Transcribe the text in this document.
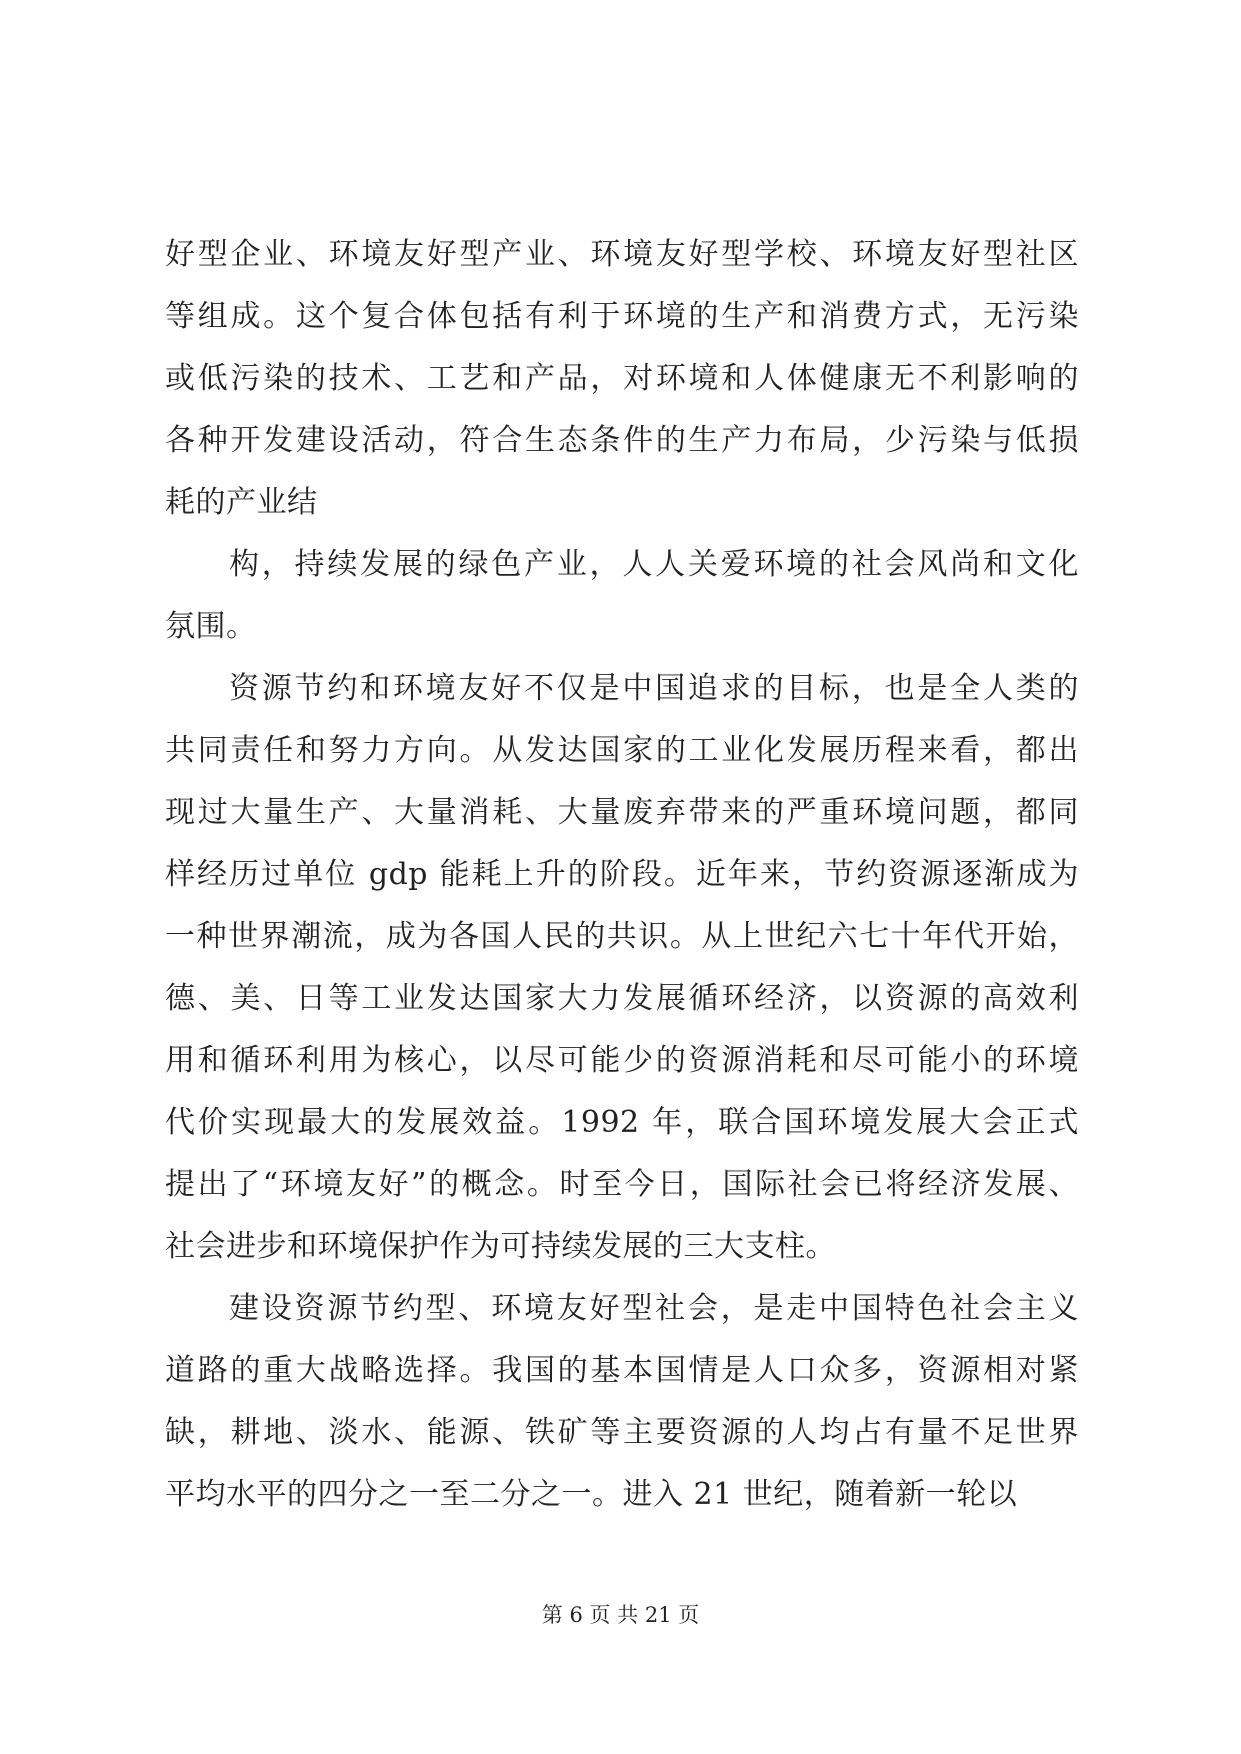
好型企业、环境友好型产业、环境友好型学校、环境友好型社区
等组成。这个复合体包括有利于环境的生产和消费方式，无污染
或低污染的技术、工艺和产品，对环境和人体健康无不利影响的
各种开发建设活动，符合生态条件的生产力布局，少污染与低损
耗的产业结
构，持续发展的绿色产业，人人关爱环境的社会风尚和文化
氛围。
资源节约和环境友好不仅是中国追求的目标，也是全人类的
共同责任和努力方向。从发达国家的工业化发展历程来看，都出
现过大量生产、大量消耗、大量废弃带来的严重环境问题，都同
样经历过单位 gdp 能耗上升的阶段。近年来，节约资源逐渐成为
一种世界潮流，成为各国人民的共识。从上世纪六七十年代开始，
德、美、日等工业发达国家大力发展循环经济，以资源的高效利
用和循环利用为核心，以尽可能少的资源消耗和尽可能小的环境
代价实现最大的发展效益。1992 年，联合国环境发展大会正式
提出了“环境友好”的概念。时至今日，国际社会已将经济发展、
社会进步和环境保护作为可持续发展的三大支柱。
建设资源节约型、环境友好型社会，是走中国特色社会主义
道路的重大战略选择。我国的基本国情是人口众多，资源相对紧
缺，耕地、淡水、能源、铁矿等主要资源的人均占有量不足世界
平均水平的四分之一至二分之一。进入 21 世纪，随着新一轮以
第 6 页 共 21 页
